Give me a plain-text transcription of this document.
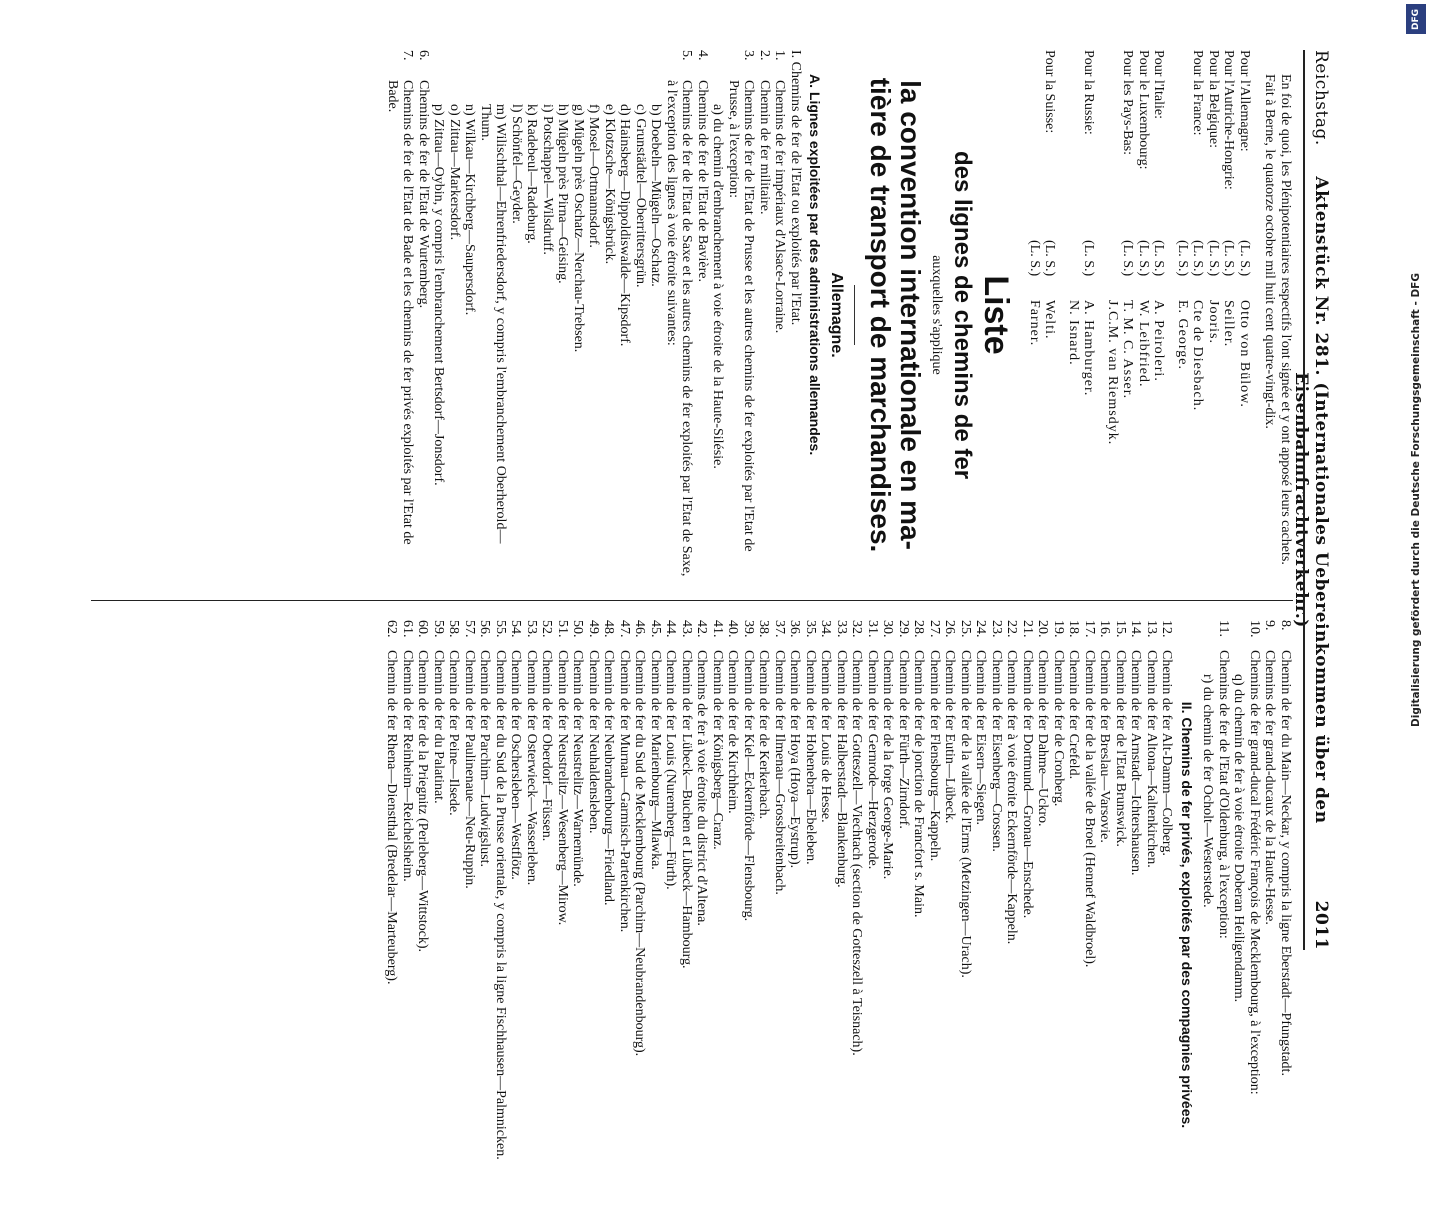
Reichstag.
Aktenstück Nr. 281. (Internationales Uebereinkommen über den Eisenbahnfrachtverkehr.)
2011

En foi de quoi, les Plénipotentiaires respectifs l'ont signée et y ont apposé leurs cachets.

Fait à Berne, le quatorze octobre mil huit cent quatre-vingt-dix.

Pour l'Allemagne:
(L. S.)
Otto von Bülow.
Pour l'Autriche-Hongrie:
(L. S.)
Seiller.
Pour la Belgique:
(L. S.)
Jooris.
Pour la France:
(L. S.)
Cte de Diesbach.
(L. S.)
E. George.
Pour l'Italie:
(L. S.)
A. Peiroleri.
Pour le Luxembourg:
(L. S.)
W. Leibfried.
Pour les Pays-Bas:
(L. S.)
T. M. C. Asser.
J.C.M. van Riemsdyk.
Pour la Russie:
(L. S.)
A. Hamburger.
N. Isnard.
Pour la Suisse:
(L. S.)
Welti.
(L. S.)
Farner.
Liste
des lignes de chemins de fer
auxquelles s'applique
la convention internationale en ma-
tière de transport de marchandises.
Allemagne.
A. Lignes exploitées par des administrations allemandes.
I. Chemins de fer de l'Etat ou exploités par l'Etat.
1.
Chemins de fer impériaux d'Alsace-Lorraine.
2.
Chemin de fer militaire.
3.
Chemins de fer de l'Etat de Prusse et les autres chemins de fer exploités par l'Etat de Prusse, à l'exception:
a) du chemin d'embranchement à voie étroite de la Haute-Silésie.
4.
Chemins de fer de l'Etat de Bavière.
5.
Chemins de fer de l'Etat de Saxe et les autres chemins de fer exploités par l'Etat de Saxe, à l'exception des lignes à voie étroite suivantes:
b) Doebeln—Mügeln—Oschatz.
c) Grunstädtel—Oberrittersgrün.
d) Hainsberg—Dippoldiswalde—Kipsdorf.
e) Klotzsche—Königsbrück.
f) Mosel—Ortmannsdorf.
g) Mügeln près Oschatz—Nerchau-Trebsen.
h) Mügeln près Pirna—Geising.
i) Potschappel—Wilsdruff.
k) Radebeul—Radeburg.
l) Schönfel—Geyder.
m) Wilischthal—Ehrenfriedersdorf, y compris l'embranchement Oberherold—Thum.
n) Wilkau—Kirchberg—Saupersdorf.
o) Zittau—Markersdorf.
p) Zittau—Oybin, y compris l'embranchement Bertsdorf—Jonsdorf.
6.
Chemins de fer de l'Etat de Wurtemberg.
7.
Chemins de fer de l'Etat de Bade et les chemins de fer privés exploités par l'Etat de Bade.
8.
Chemin de fer du Main—Neckar, y compris la ligne Eberstadt—Pfungstadt.
9.
Chemins de fer grand-ducaux de la Haute-Hesse.
10.
Chemins de fer grand-ducal Frédéric François de Mecklembourg, à l'exception:
q) du chemin de fer à voie étroite Doberan Heiligendamm.
11.
Chemins de fer de l'Etat d'Oldenburg, à l'exception:
r) du chemin de fer Ocholt—Westerstede.
II. Chemins de fer privés, exploités par des compagnies privées.
12.
Chemin de fer Alt-Damm—Colberg.
13.
Chemin de fer Altona—Kaltenkirchen.
14.
Chemin de fer Arnstadt—Ichtershausen.
15.
Chemin de fer de l'Etat Brunswick.
16.
Chemin de fer Breslau—Varsovie.
17.
Chemin de fer de la vallée de Broel (Hennef Waldbroel).
18.
Chemin de fer Crefeld.
19.
Chemin de fer de Cronberg.
20.
Chemin de fer Dahme—Uckro.
21.
Chemin de fer Dortmund—Gronau—Enschede.
22.
Chemin de fer à voie étroite Eckernförde—Kappeln.
23.
Chemin de fer Eisenberg—Crossen.
24.
Chemin de fer Eisern—Siegen.
25.
Chemin de fer de la vallée de l'Erms (Metzingen—Urach).
26.
Chemin de fer Eutin—Lübeck.
27.
Chemin de fer Flensbourg—Kappeln.
28.
Chemin de fer de jonction de Francfort s. Main.
29.
Chemin de fer Fürth—Zirndorf.
30.
Chemin de fer de la forge George-Marie.
31.
Chemin de fer Gernrode—Herzgerode.
32.
Chemin de fer Gotteszell—Viechtach (section de Gotteszell à Teisnach).
33.
Chemin de fer Halberstadt—Blankenburg.
34.
Chemin de fer Louis de Hesse.
35.
Chemin de fer Hohenebra—Ebeleben.
36.
Chemin de fer Hoya (Hoya—Eystrup).
37.
Chemin de fer Ilmenau—Grossbreitenbach.
38.
Chemin de fer de Kerkerbach.
39.
Chemin de fer Kiel—Eckernförde—Flensbourg.
40.
Chemin de fer de Kirchheim.
41.
Chemin de fer Königsberg—Cranz.
42.
Chemins de fer à voie étroite du district d'Altena.
43.
Chemin de fer Lübeck—Buchen et Lübeck—Hambourg.
44.
Chemin de fer Louis (Nuremberg—Fürth).
45.
Chemin de fer Marienbourg—Mlawka.
46.
Chemin de fer du Sud de Mecklembourg (Parchim—Neubrandenbourg).
47.
Chemin de fer Murnau—Garmisch-Partenkirchen.
48.
Chemin de fer Neubrandenbourg—Friedland.
49.
Chemin de fer Neuhaldensleben.
50.
Chemin de fer Neustrelitz—Warnemünde.
51.
Chemin de fer Neustrelitz—Wesenberg—Mirow.
52.
Chemin de fer Oberdorf—Füssen.
53.
Chemin de fer Osterwieck—Wasserleben.
54.
Chemin de fer Oschersleben—Westflötz.
55.
Chemin de fer du Sud de la Prusse orientale, y compris la ligne Fischhausen—Palmnicken.
56.
Chemin de fer Parchim—Ludwigslust.
57.
Chemin de fer Paulinenaue—Neu-Ruppin.
58.
Chemin de fer Peine—Ilsede.
59.
Chemin de fer du Palatinat.
60.
Chemin de fer de la Priegnitz (Perleberg—Wittstock).
61.
Chemin de fer Reinheim—Reichelsheim.
62.
Chemin de fer Rhena—Dienstthal (Bredelar—Marteuberg).
DFG
Digitalisierung gefördert durch die Deutsche Forschungsgemeinschaft - DFG
